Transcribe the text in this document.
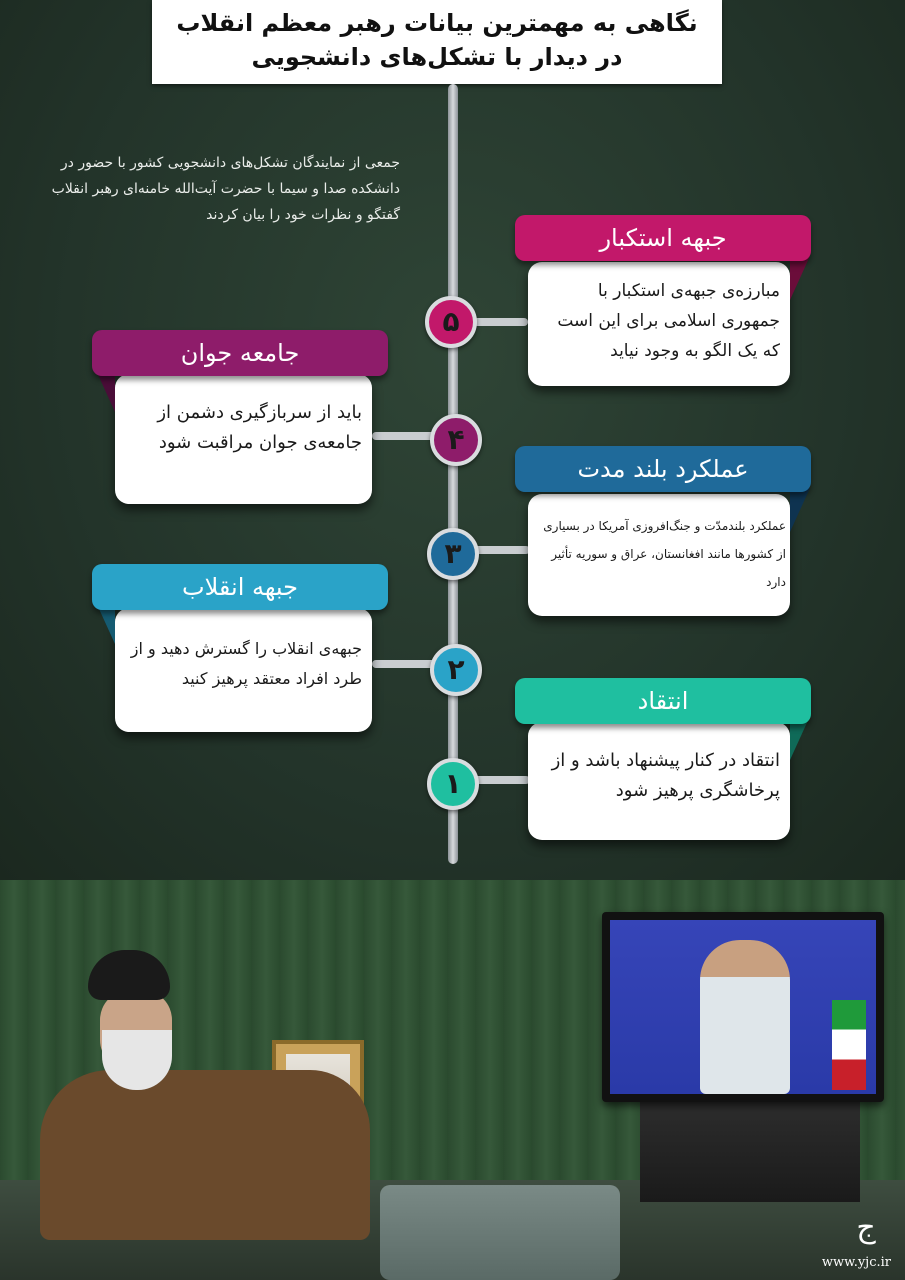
نگاهی به مهمترین بیانات رهبر معظم انقلاب
در دیدار با تشکل‌های دانشجویی
جمعی از نمایندگان تشکل‌های دانشجویی کشور با حضور در دانشکده صدا و سیما با حضرت آیت‌الله خامنه‌ای رهبر انقلاب گفتگو و نظرات خود را بیان کردند
مبارزه‌ی جبهه‌ی استکبار با جمهوری اسلامی برای این است که یک الگو به وجود نیاید
جبهه استکبار
۵
باید از سربازگیری دشمن از جامعه‌ی جوان مراقبت شود
جامعه جوان
۴
عملکرد بلندمدّت و جنگ‌افروزی آمریکا در بسیاری از کشورها مانند افغانستان، عراق و سوریه تأثیر دارد
عملکرد بلند مدت
۳
جبهه‌ی انقلاب را گسترش دهید و از طرد افراد معتقد پرهیز کنید
جبهه انقلاب
۲
انتقاد در کنار پیشنهاد باشد و از پرخاشگری پرهیز شود
انتقاد
۱
ج
www.yjc.ir
